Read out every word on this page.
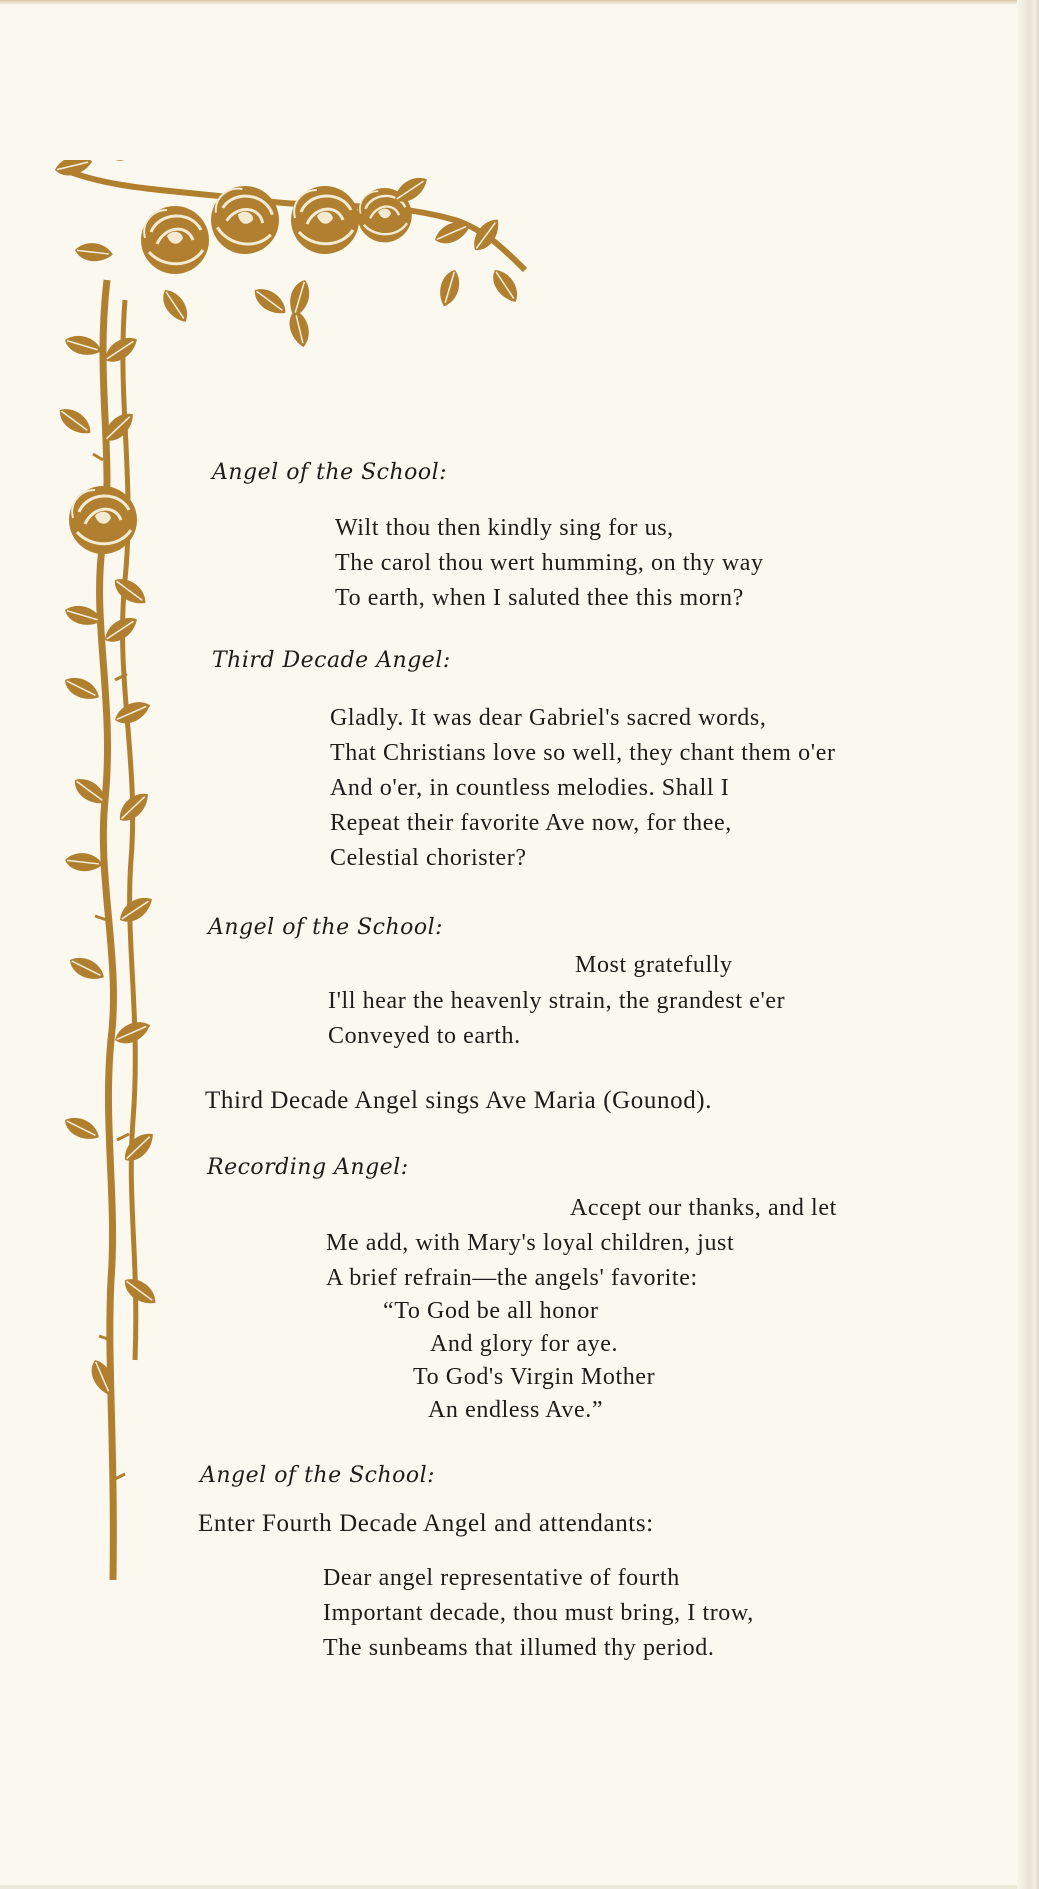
Angel of the School:
Wilt thou then kindly sing for us,
The carol thou wert humming, on thy way
To earth, when I saluted thee this morn?
Third Decade Angel:
Gladly. It was dear Gabriel's sacred words,
That Christians love so well, they chant them o'er
And o'er, in countless melodies. Shall I
Repeat their favorite Ave now, for thee,
Celestial chorister?
Angel of the School:
Most gratefully
I'll hear the heavenly strain, the grandest e'er
Conveyed to earth.
Third Decade Angel sings Ave Maria (Gounod).
Recording Angel:
Accept our thanks, and let
Me add, with Mary's loyal children, just
A brief refrain—the angels' favorite:
“To God be all honor
And glory for aye.
To God's Virgin Mother
An endless Ave.”
Angel of the School:
Enter Fourth Decade Angel and attendants:
Dear angel representative of fourth
Important decade, thou must bring, I trow,
The sunbeams that illumed thy period.
